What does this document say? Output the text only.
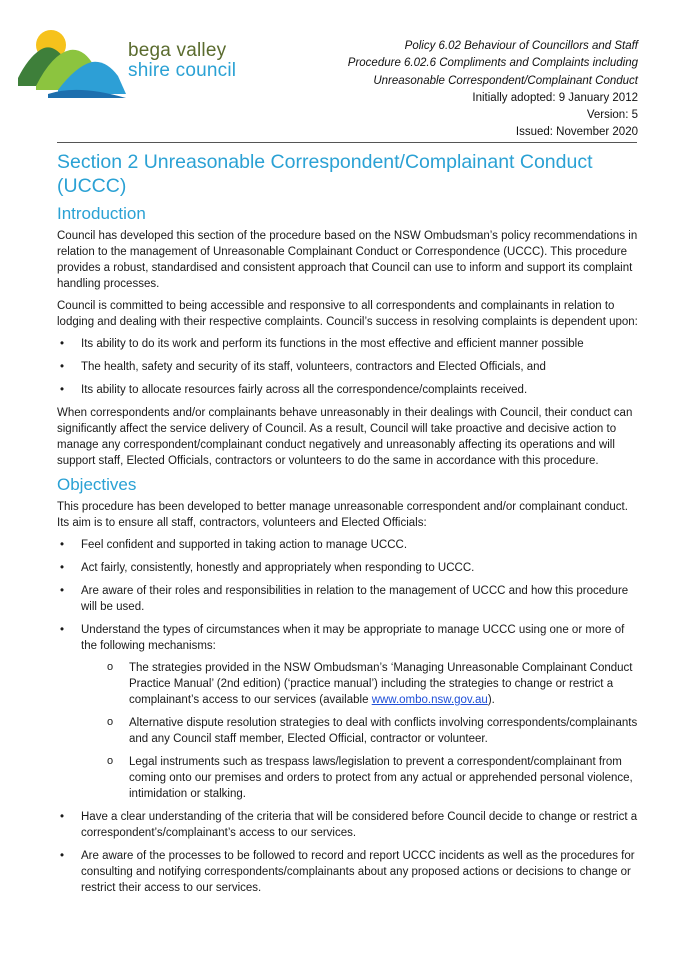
bega valley
shire council
Policy 6.02 Behaviour of Councillors and Staff
Procedure 6.02.6 Compliments and Complaints including
Unreasonable Correspondent/Complainant Conduct
Initially adopted: 9 January 2012
Version: 5
Issued: November 2020
Section 2 Unreasonable Correspondent/Complainant Conduct (UCCC)
Introduction

Council has developed this section of the procedure based on the NSW Ombudsman’s policy recommendations in relation to the management of Unreasonable Complainant Conduct or Correspondence (UCCC). This procedure provides a robust, standardised and consistent approach that Council can use to inform and support its complaint handling processes.

Council is committed to being accessible and responsive to all correspondents and complainants in relation to lodging and dealing with their respective complaints. Council’s success in resolving complaints is dependent upon:

• Its ability to do its work and perform its functions in the most effective and efficient manner possible
• The health, safety and security of its staff, volunteers, contractors and Elected Officials, and
• Its ability to allocate resources fairly across all the correspondence/complaints received.

When correspondents and/or complainants behave unreasonably in their dealings with Council, their conduct can significantly affect the service delivery of Council. As a result, Council will take proactive and decisive action to manage any correspondent/complainant conduct negatively and unreasonably affecting its operations and will support staff, Elected Officials, contractors or volunteers to do the same in accordance with this procedure.

Objectives

This procedure has been developed to better manage unreasonable correspondent and/or complainant conduct. Its aim is to ensure all staff, contractors, volunteers and Elected Officials:

• Feel confident and supported in taking action to manage UCCC.
• Act fairly, consistently, honestly and appropriately when responding to UCCC.
• Are aware of their roles and responsibilities in relation to the management of UCCC and how this procedure will be used.
• Understand the types of circumstances when it may be appropriate to manage UCCC using one or more of the following mechanisms:
o The strategies provided in the NSW Ombudsman’s ‘Managing Unreasonable Complainant Conduct Practice Manual’ (2nd edition) (‘practice manual’) including the strategies to change or restrict a complainant’s access to our services (available www.ombo.nsw.gov.au).
o Alternative dispute resolution strategies to deal with conflicts involving correspondents/complainants and any Council staff member, Elected Official, contractor or volunteer.
o Legal instruments such as trespass laws/legislation to prevent a correspondent/complainant from coming onto our premises and orders to protect from any actual or apprehended personal violence, intimidation or stalking.
• Have a clear understanding of the criteria that will be considered before Council decide to change or restrict a correspondent’s/complainant’s access to our services.
• Are aware of the processes to be followed to record and report UCCC incidents as well as the procedures for consulting and notifying correspondents/complainants about any proposed actions or decisions to change or restrict their access to our services.
